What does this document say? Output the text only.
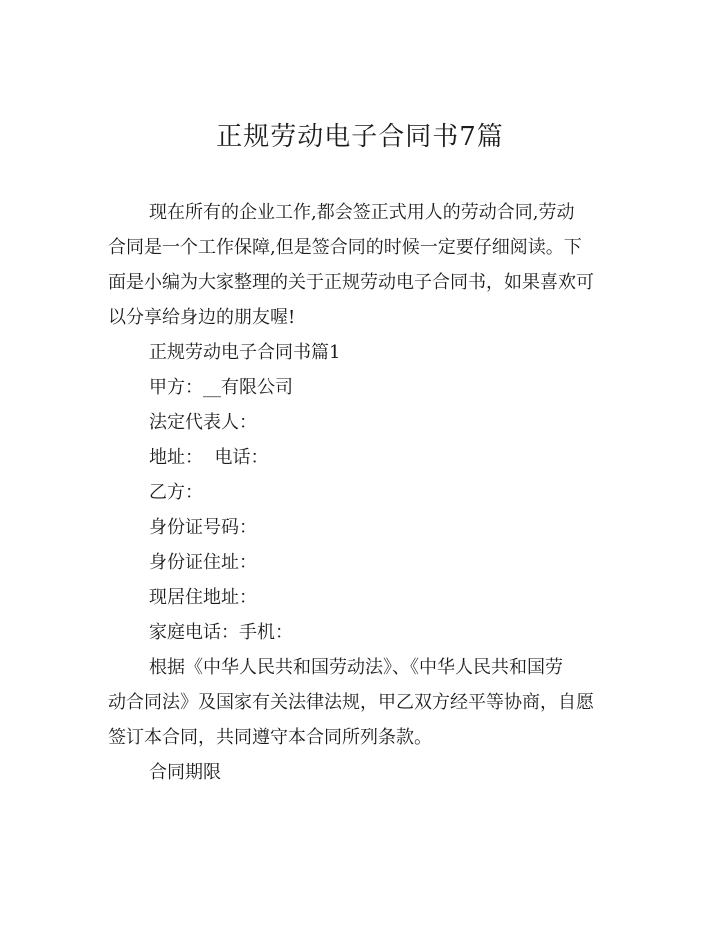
正规劳动电子合同书7篇
现在所有的企业工作,都会签正式用人的劳动合同,劳动
合同是一个工作保障,但是签合同的时候一定要仔细阅读。下
面是小编为大家整理的关于正规劳动电子合同书，如果喜欢可
以分享给身边的朋友喔!

正规劳动电子合同书篇1

甲方：__有限公司

法定代表人：

地址：  电话：

乙方：

身份证号码：

身份证住址：

现居住地址：

家庭电话：手机：

根据《中华人民共和国劳动法》、《中华人民共和国劳
动合同法》及国家有关法律法规，甲乙双方经平等协商，自愿
签订本合同，共同遵守本合同所列条款。

合同期限
